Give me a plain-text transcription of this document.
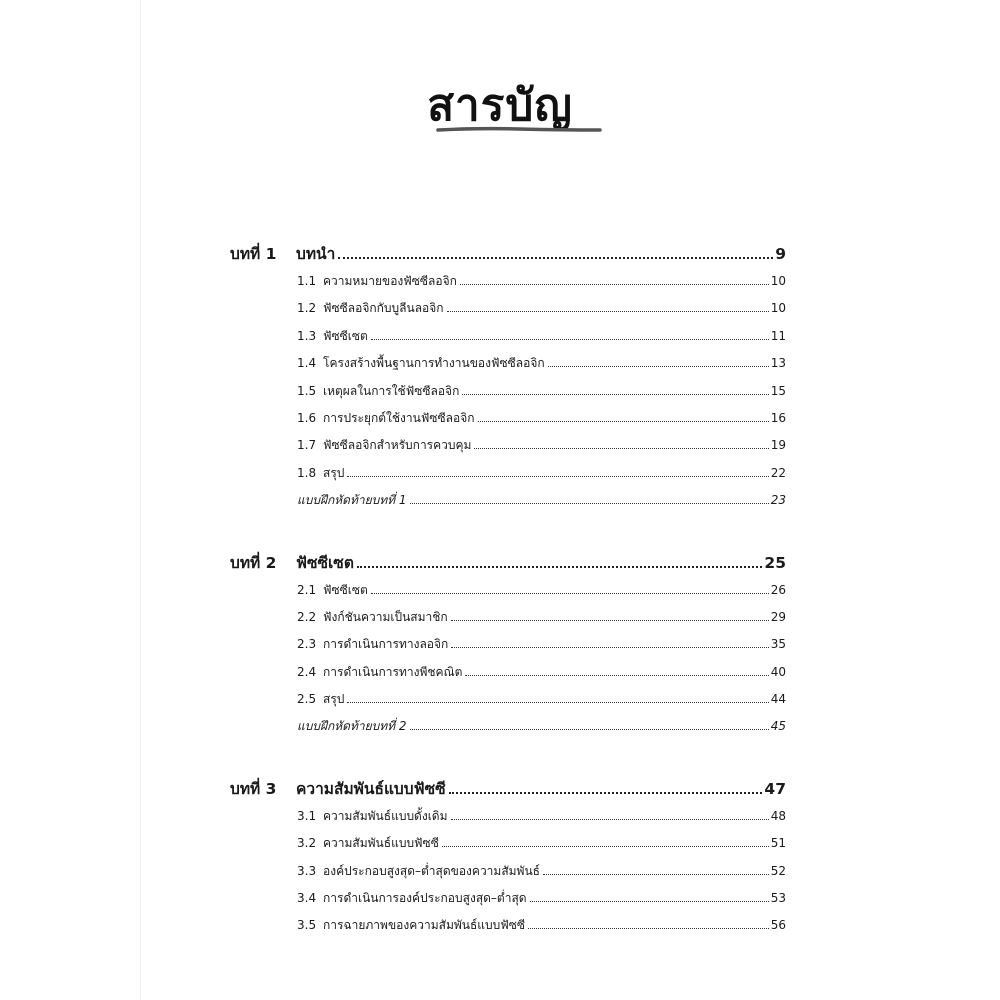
สารบัญ
บทที่ 1	บทนำ	9
1.1 ความหมายของฟัซซีลอจิก	10
1.2 ฟัซซีลอจิกกับบูลีนลอจิก	10
1.3 ฟัซซีเซต	11
1.4 โครงสร้างพื้นฐานการทำงานของฟัซซีลอจิก	13
1.5 เหตุผลในการใช้ฟัซซีลอจิก	15
1.6 การประยุกต์ใช้งานฟัซซีลอจิก	16
1.7 ฟัซซีลอจิกสำหรับการควบคุม	19
1.8 สรุป	22
แบบฝึกหัดท้ายบทที่ 1	23
บทที่ 2	ฟัซซีเซต	25
2.1 ฟัซซีเซต	26
2.2 ฟังก์ชันความเป็นสมาชิก	29
2.3 การดำเนินการทางลอจิก	35
2.4 การดำเนินการทางพีชคณิต	40
2.5 สรุป	44
แบบฝึกหัดท้ายบทที่ 2	45
บทที่ 3	ความสัมพันธ์แบบฟัซซี	47
3.1 ความสัมพันธ์แบบดั้งเดิม	48
3.2 ความสัมพันธ์แบบฟัซซี	51
3.3 องค์ประกอบสูงสุด–ต่ำสุดของความสัมพันธ์	52
3.4 การดำเนินการองค์ประกอบสูงสุด–ต่ำสุด	53
3.5 การฉายภาพของความสัมพันธ์แบบฟัซซี	56
